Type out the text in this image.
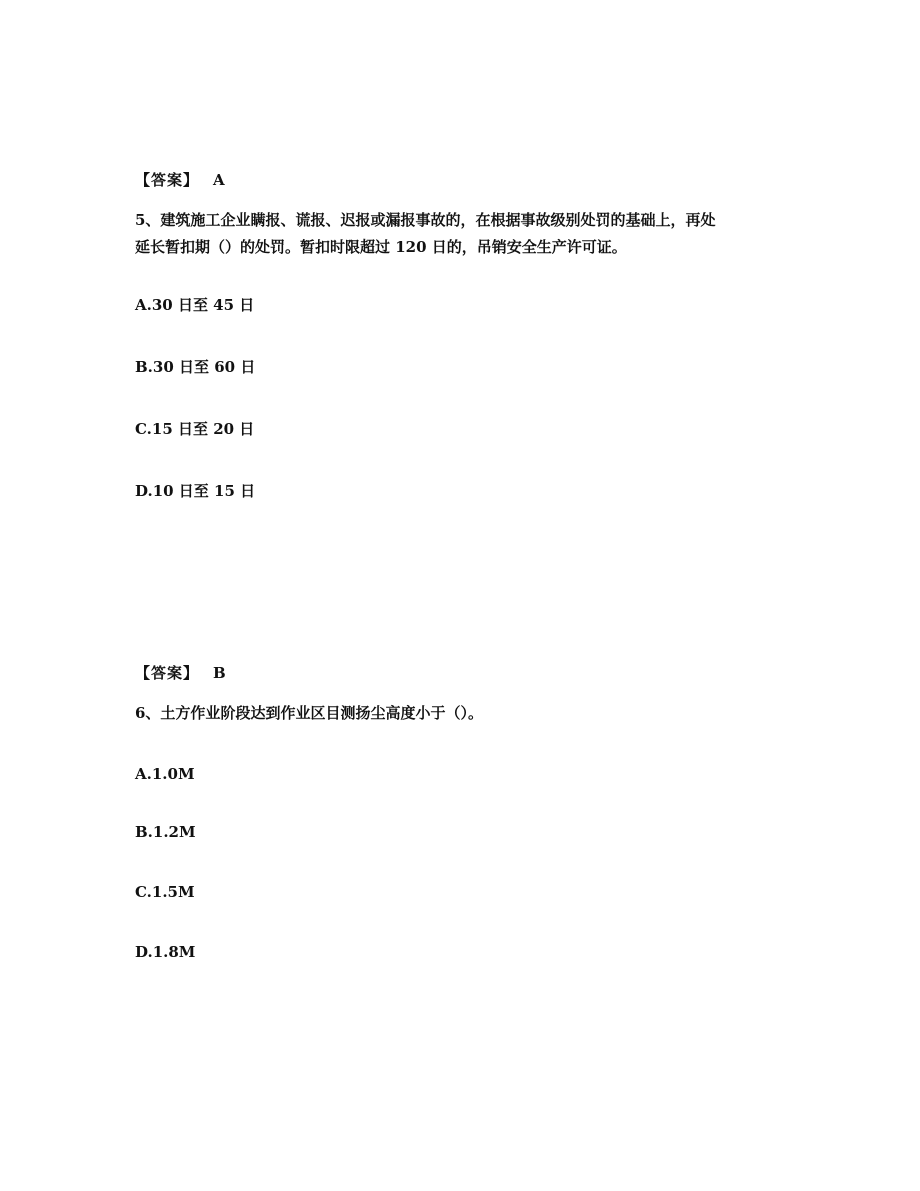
【答案】 A
5、建筑施工企业瞒报、谎报、迟报或漏报事故的，在根据事故级别处罚的基础上，再处
延长暂扣期（）的处罚。暂扣时限超过 120 日的，吊销安全生产许可证。
A.30 日至 45 日
B.30 日至 60 日
C.15 日至 20 日
D.10 日至 15 日
【答案】 B
6、土方作业阶段达到作业区目测扬尘高度小于（）。
A.1.0M
B.1.2M
C.1.5M
D.1.8M
